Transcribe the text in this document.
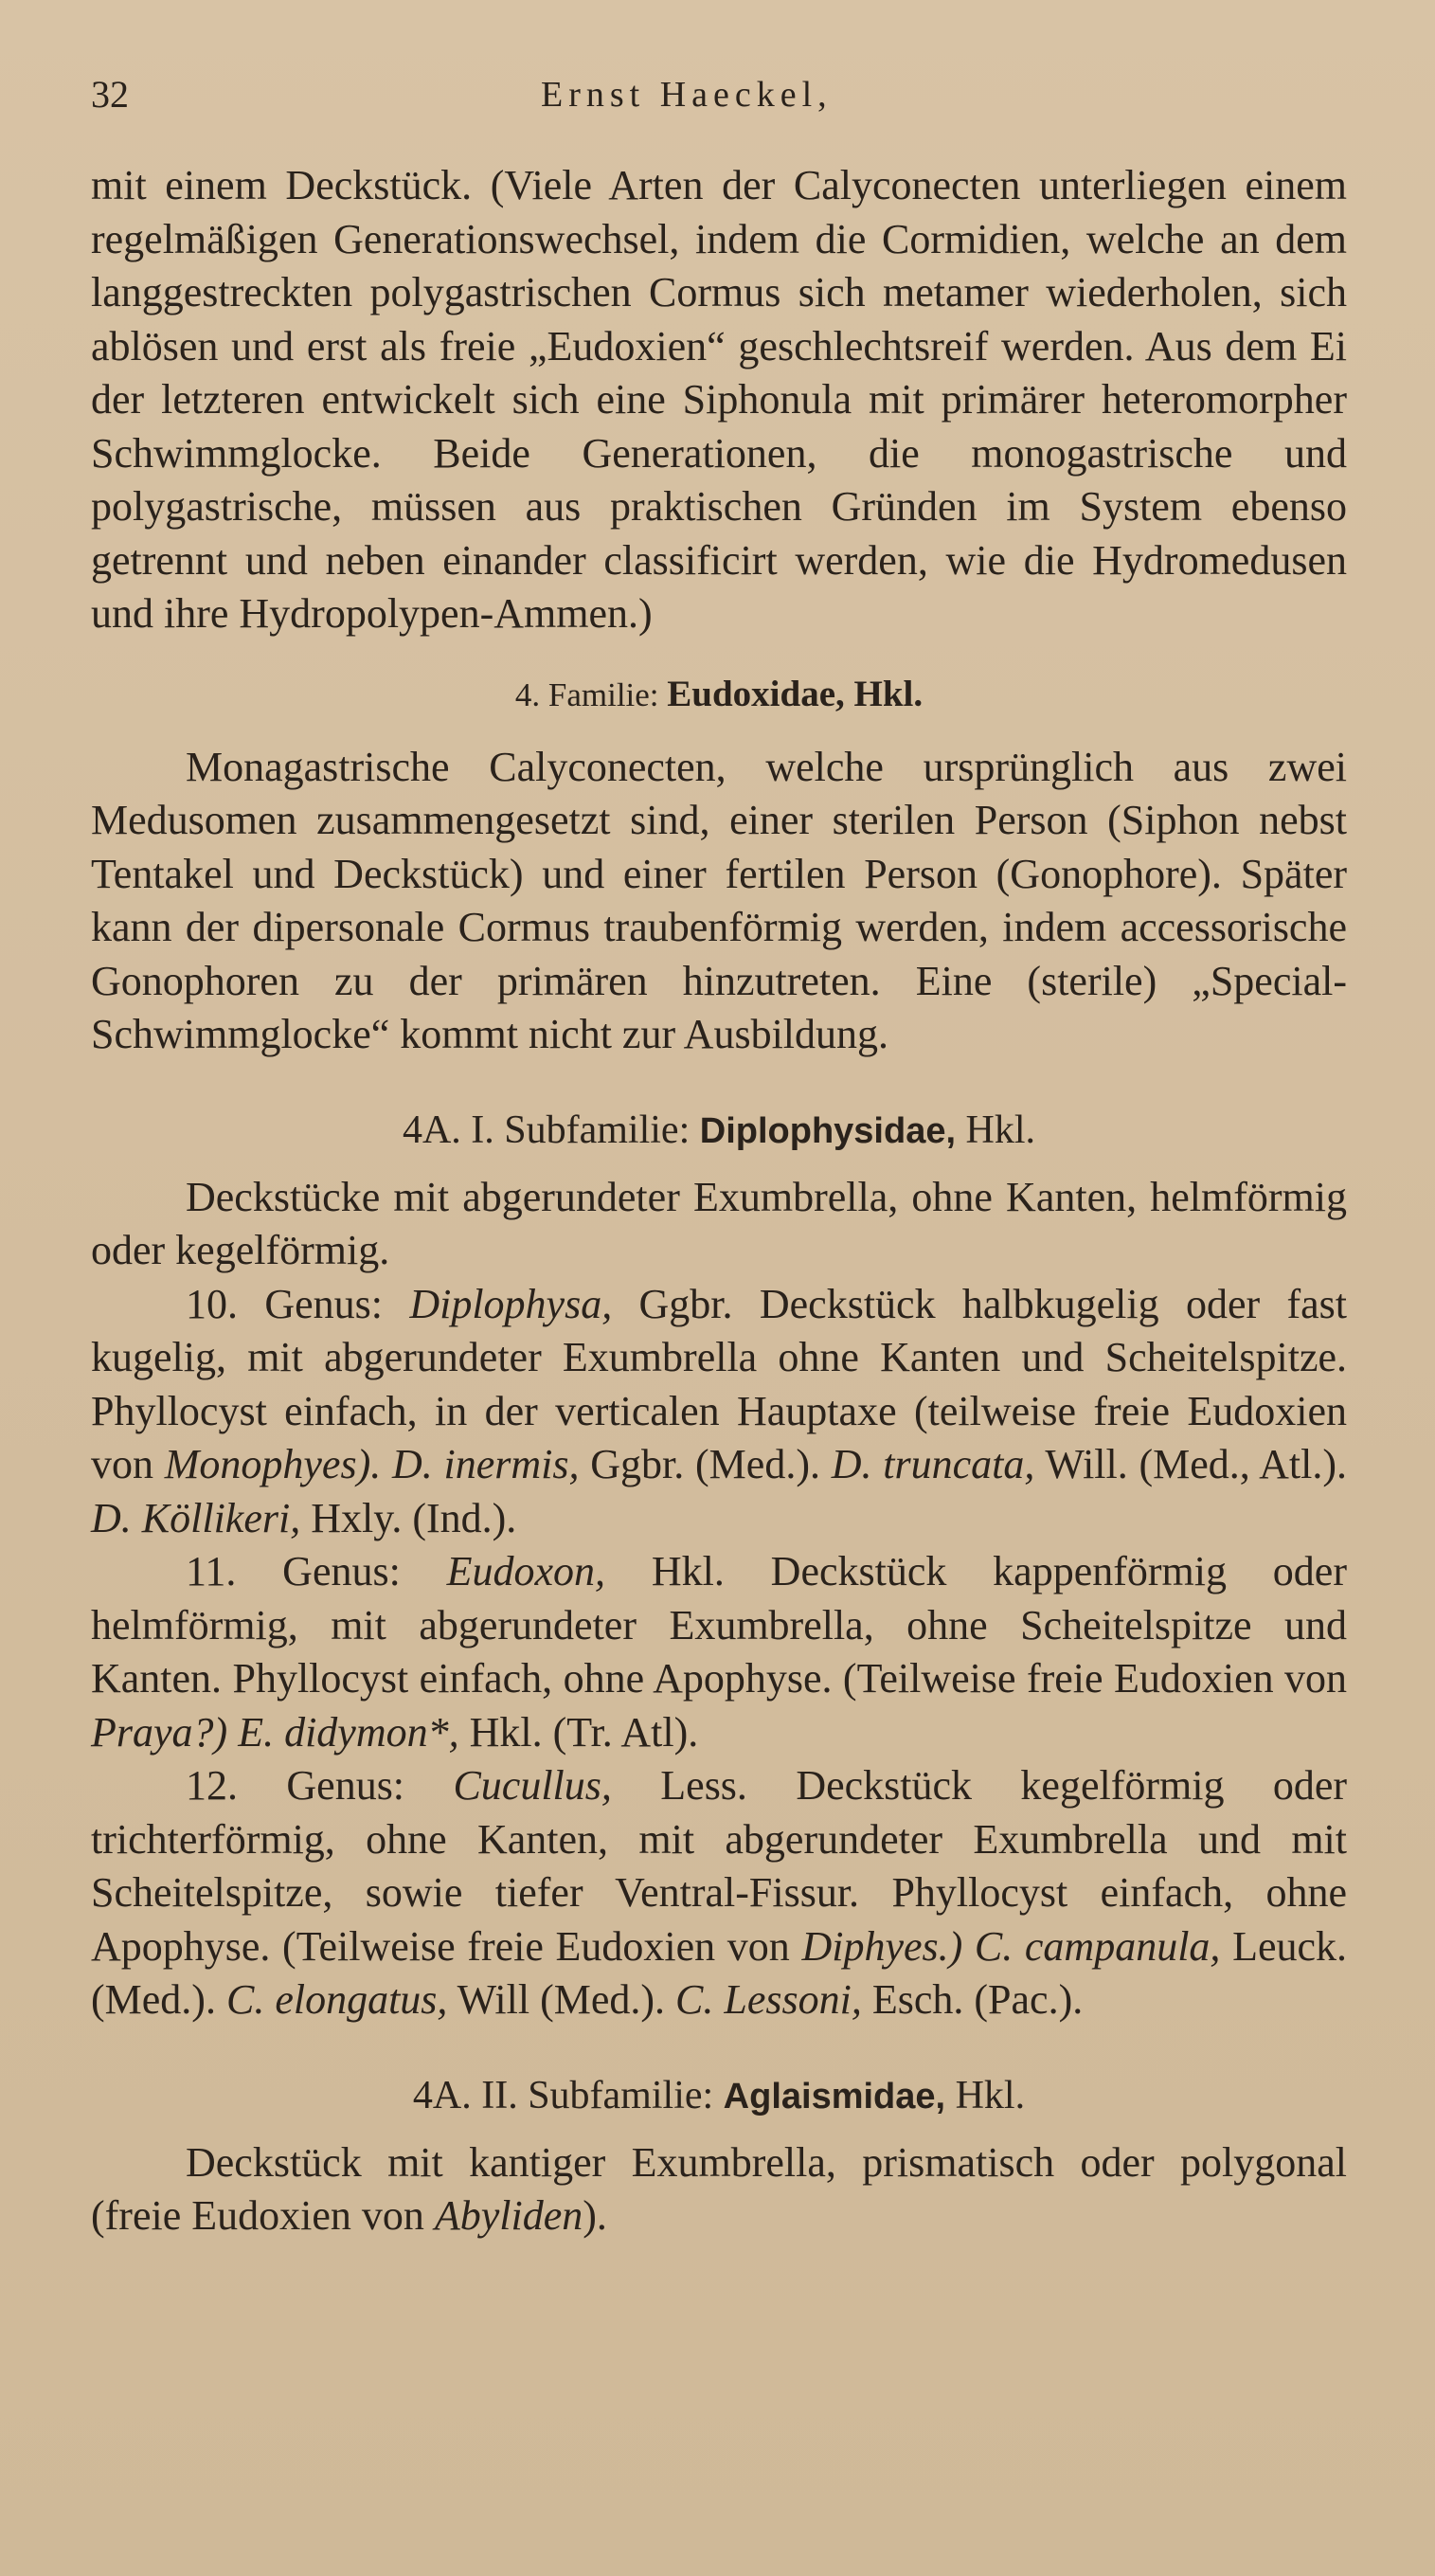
32	Ernst Haeckel,

mit einem Deckstück. (Viele Arten der Calyconecten unterliegen einem regelmäßigen Generationswechsel, indem die Cormidien, welche an dem langgestreckten polygastrischen Cormus sich metamer wiederholen, sich ablösen und erst als freie „Eudoxien“ geschlechtsreif werden. Aus dem Ei der letzteren entwickelt sich eine Siphonula mit primärer heteromorpher Schwimmglocke. Beide Generationen, die monogastrische und polygastrische, müssen aus praktischen Gründen im System ebenso getrennt und neben einander classificirt werden, wie die Hydromedusen und ihre Hydropolypen-Ammen.)

4. Familie: Eudoxidae, Hkl.

Monagastrische Calyconecten, welche ursprünglich aus zwei Medusomen zusammengesetzt sind, einer sterilen Person (Siphon nebst Tentakel und Deckstück) und einer fertilen Person (Gonophore). Später kann der dipersonale Cormus traubenförmig werden, indem accessorische Gonophoren zu der primären hinzutreten. Eine (sterile) „Special-Schwimmglocke“ kommt nicht zur Ausbildung.

4A. I. Subfamilie: Diplophysidae, Hkl.

Deckstücke mit abgerundeter Exumbrella, ohne Kanten, helmförmig oder kegelförmig.

10. Genus: Diplophysa, Ggbr. Deckstück halbkugelig oder fast kugelig, mit abgerundeter Exumbrella ohne Kanten und Scheitelspitze. Phyllocyst einfach, in der verticalen Hauptaxe (teilweise freie Eudoxien von Monophyes). D. inermis, Ggbr. (Med.). D. truncata, Will. (Med., Atl.). D. Köllikeri, Hxly. (Ind.).

11. Genus: Eudoxon, Hkl. Deckstück kappenförmig oder helmförmig, mit abgerundeter Exumbrella, ohne Scheitelspitze und Kanten. Phyllocyst einfach, ohne Apophyse. (Teilweise freie Eudoxien von Praya?) E. didymon*, Hkl. (Tr. Atl).

12. Genus: Cucullus, Less. Deckstück kegelförmig oder trichterförmig, ohne Kanten, mit abgerundeter Exumbrella und mit Scheitelspitze, sowie tiefer Ventral-Fissur. Phyllocyst einfach, ohne Apophyse. (Teilweise freie Eudoxien von Diphyes.) C. campanula, Leuck. (Med.). C. elongatus, Will (Med.). C. Lessoni, Esch. (Pac.).

4A. II. Subfamilie: Aglaismidae, Hkl.

Deckstück mit kantiger Exumbrella, prismatisch oder polygonal (freie Eudoxien von Abyliden).
